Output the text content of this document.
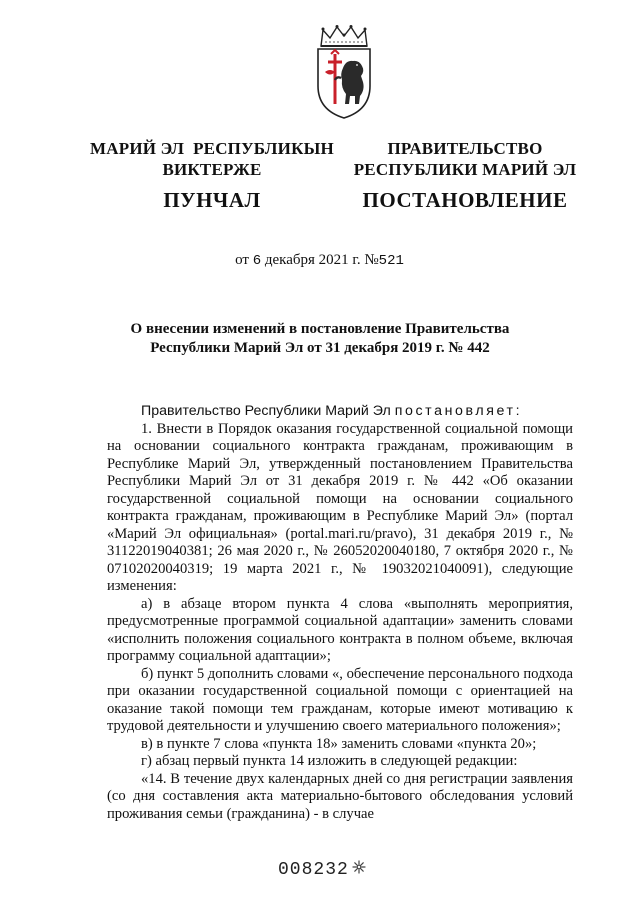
МАРИЙ ЭЛ  РЕСПУБЛИКЫН
ВИКТЕРЖЕ
ПУНЧАЛ
ПРАВИТЕЛЬСТВО
РЕСПУБЛИКИ МАРИЙ ЭЛ
ПОСТАНОВЛЕНИЕ
от 6 декабря 2021 г. №521
О внесении изменений в постановление Правительства
Республики Марий Эл от 31 декабря 2019 г. № 442

Правительство Республики Марий Эл постановляет:

1. Внести в Порядок оказания государственной социальной помощи на основании социального контракта гражданам, проживающим в Республике Марий Эл, утвержденный постановлением Правительства Республики Марий Эл от 31 декабря 2019 г. № 442 «Об оказании государственной социальной помощи на основании социального контракта гражданам, проживающим в Республике Марий Эл» (портал «Марий Эл официальная» (portal.mari.ru/pravo), 31 декабря 2019 г., № 31122019040381; 26 мая 2020 г., № 26052020040180, 7 октября 2020 г., № 07102020040319; 19 марта 2021 г., № 19032021040091), следующие изменения:

а) в абзаце втором пункта 4 слова «выполнять мероприятия, предусмотренные программой социальной адаптации» заменить словами «исполнить положения социального контракта в полном объеме, включая программу социальной адаптации»;

б) пункт 5 дополнить словами «, обеспечение персонального подхода при оказании государственной социальной помощи с ориентацией на оказание такой помощи тем гражданам, которые имеют мотивацию к трудовой деятельности и улучшению своего материального положения»;

в) в пункте 7 слова «пункта 18» заменить словами «пункта 20»;

г) абзац первый пункта 14 изложить в следующей редакции:

«14. В течение двух календарных дней со дня регистрации заявления (со дня составления акта материально-бытового обследования условий проживания семьи (гражданина) - в случае

008232
